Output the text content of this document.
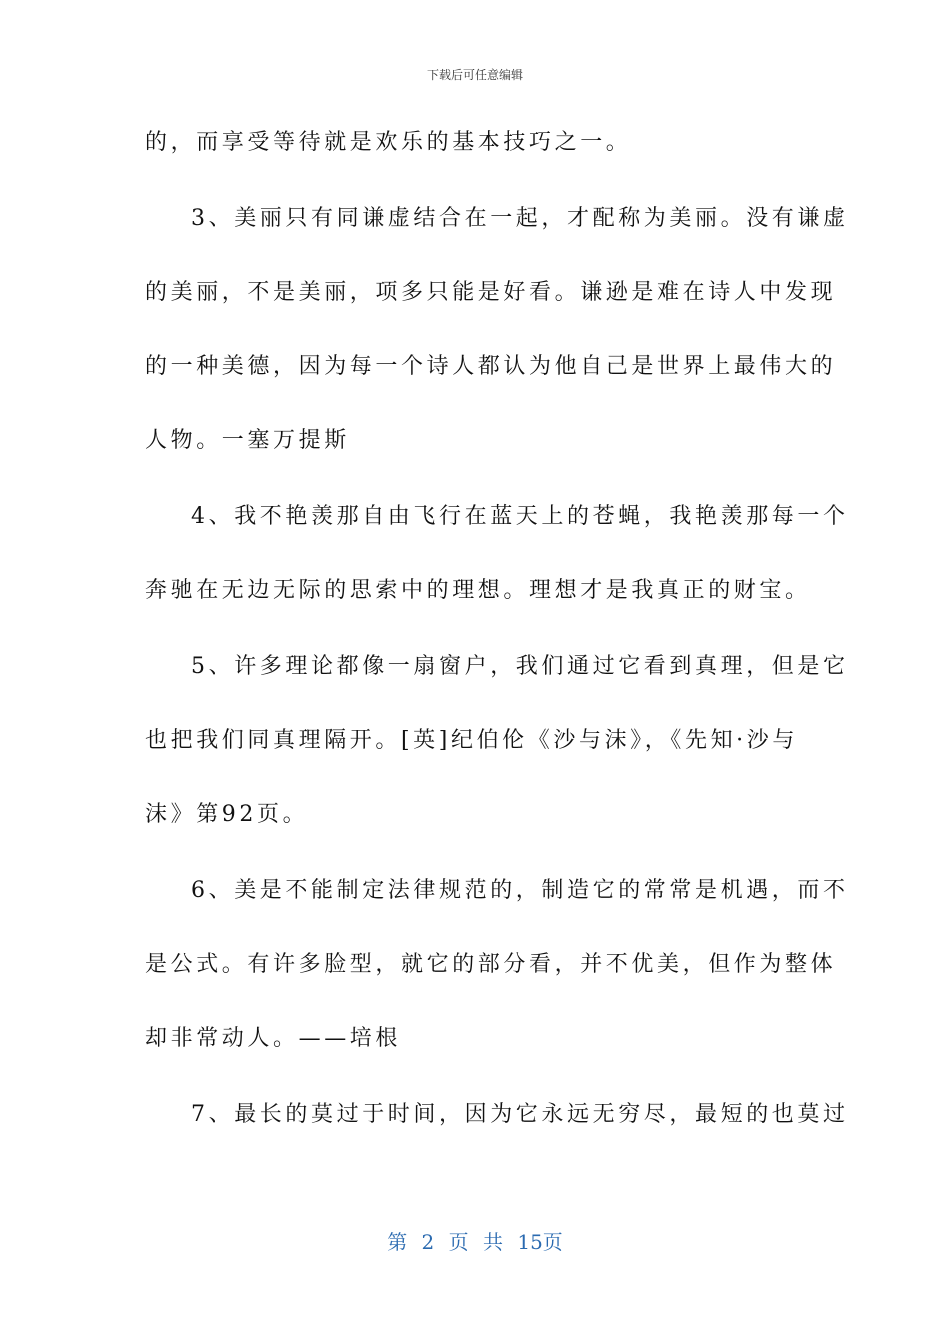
下载后可任意编辑
的，而享受等待就是欢乐的基本技巧之一。
3、美丽只有同谦虚结合在一起，才配称为美丽。没有谦虚
的美丽，不是美丽，项多只能是好看。谦逊是难在诗人中发现
的一种美德，因为每一个诗人都认为他自己是世界上最伟大的
人物。一塞万提斯
4、我不艳羡那自由飞行在蓝天上的苍蝇，我艳羡那每一个
奔驰在无边无际的思索中的理想。理想才是我真正的财宝。
5、许多理论都像一扇窗户，我们通过它看到真理，但是它
也把我们同真理隔开。[英]纪伯伦《沙与沫》，《先知·沙与
沫》第92页。
6、美是不能制定法律规范的，制造它的常常是机遇，而不
是公式。有许多脸型，就它的部分看，并不优美，但作为整体
却非常动人。——培根
7、最长的莫过于时间，因为它永远无穷尽，最短的也莫过
第 2 页 共 15页
